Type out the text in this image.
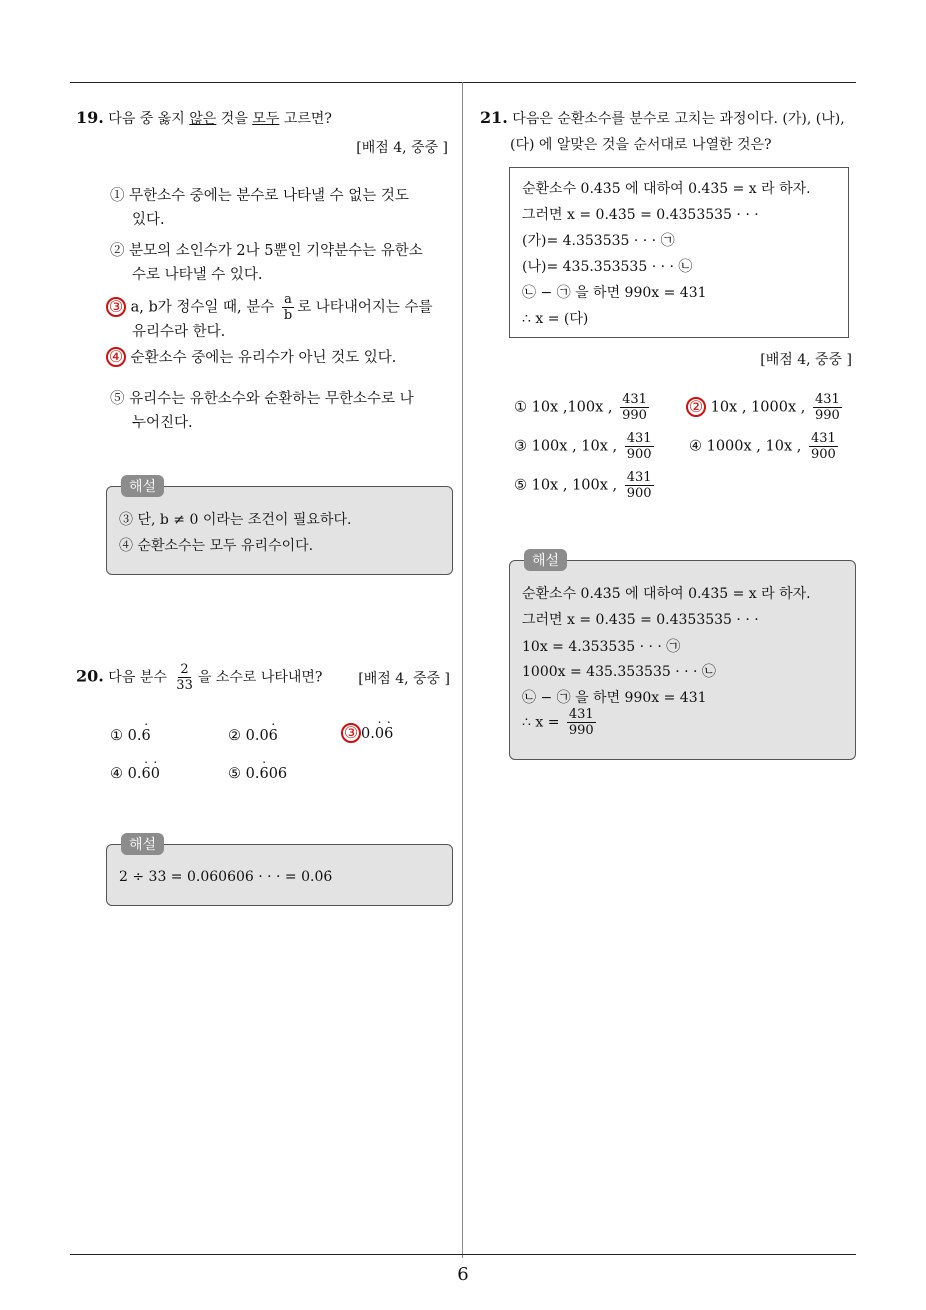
6
19. 다음 중 옳지 않은 것을 모두 고르면?
[배점 4, 중중 ]
① 무한소수 중에는 분수로 나타낼 수 없는 것도
있다.
② 분모의 소인수가 2나 5뿐인 기약분수는 유한소
수로 나타낼 수 있다.
③ a, b가 정수일 때, 분수 $\frac{a}{b}$ 로 나타내어지는 수를
유리수라 한다.
④ 순환소수 중에는 유리수가 아닌 것도 있다.
⑤ 유리수는 유한소수와 순환하는 무한소수로 나
누어진다.
해설
③ 단, b ≠ 0 이라는 조건이 필요하다.
④ 순환소수는 모두 유리수이다.
20. 다음 분수 $\frac{2}{33}$ 을 소수로 나타내면?	[배점 4, 중중 ]
① 0.˙ 6	② 0.0˙ 6	③ 0.˙ 0˙ 6
④ 0.˙ 6˙ 0	⑤ 0.˙ 606
해설
2 ÷ 33 = 0.060606 · · · = 0.0̇6̇
21. 다음은 순환소수를 분수로 고치는 과정이다. (가), (나),
(다) 에 알맞은 것을 순서대로 나열한 것은?
순환소수 0.43̇5̇ 에 대하여 0.43̇5̇ = x 라 하자.
그러면 x = 0.43̇5̇ = 0.4353535 · · ·
(가)= 4.353535 · · · ㉠
(나)= 435.353535 · · · ㉡
㉡ − ㉠ 을 하면 990x = 431
∴ x = (다)
[배점 4, 중중 ]
① 10x ,100x , $\frac{431}{990}$ ② 10x , 1000x , $\frac{431}{990}$
③ 100x , 10x , $\frac{431}{900}$ ④ 1000x , 10x , $\frac{431}{900}$
⑤ 10x , 100x , $\frac{431}{900}$
해설
순환소수 0.43̇5̇ 에 대하여 0.43̇5̇ = x 라 하자.
그러면 x = 0.43̇5̇ = 0.4353535 · · ·
10x = 4.353535 · · · ㉠
1000x = 435.353535 · · · ㉡
㉡ − ㉠ 을 하면 990x = 431
∴ $x = \frac{431}{990}$
